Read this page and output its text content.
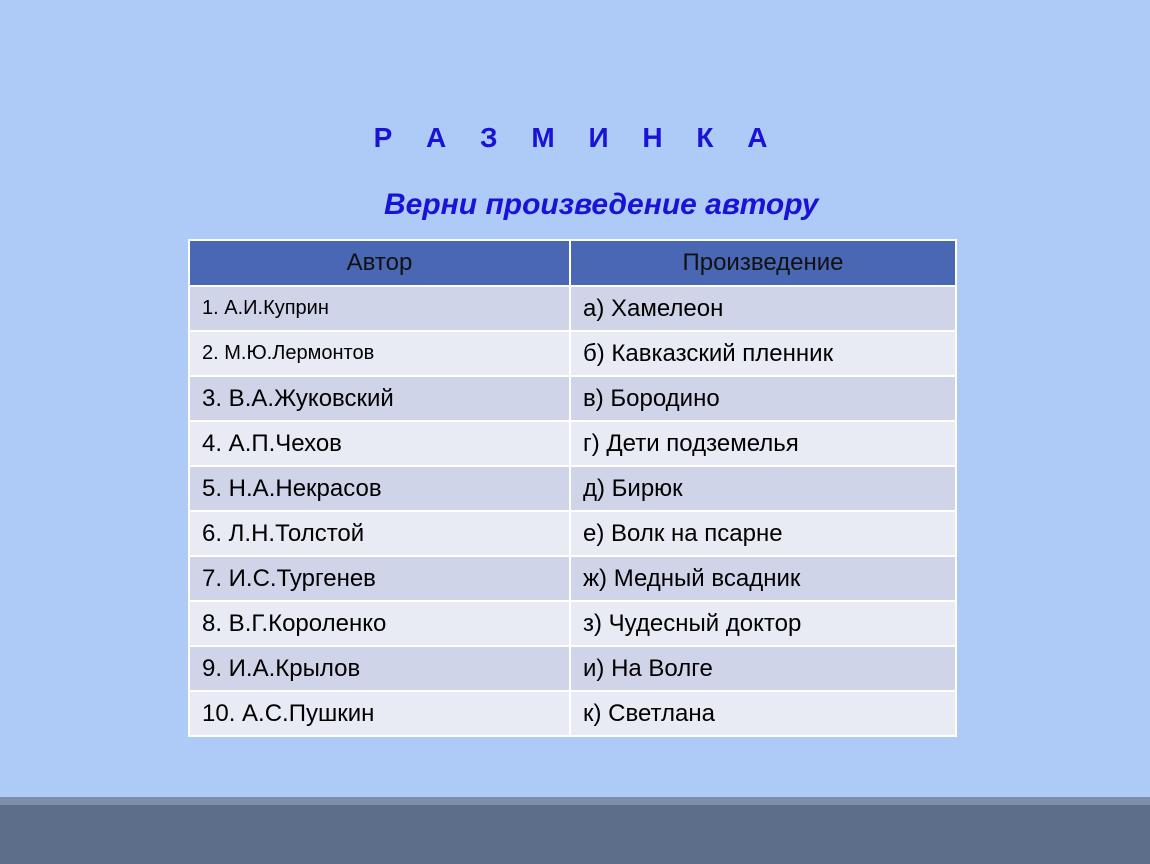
Р А З М И Н К А
Верни произведение автору
Автор	Произведение
1. А.И.Куприн	а) Хамелеон
2. М.Ю.Лермонтов	б) Кавказский пленник
3. В.А.Жуковский	в) Бородино
4. А.П.Чехов	г) Дети подземелья
5. Н.А.Некрасов	д) Бирюк
6. Л.Н.Толстой	е) Волк на псарне
7. И.С.Тургенев	ж) Медный всадник
8. В.Г.Короленко	з) Чудесный доктор
9. И.А.Крылов	и) На Волге
10. А.С.Пушкин	к) Светлана
